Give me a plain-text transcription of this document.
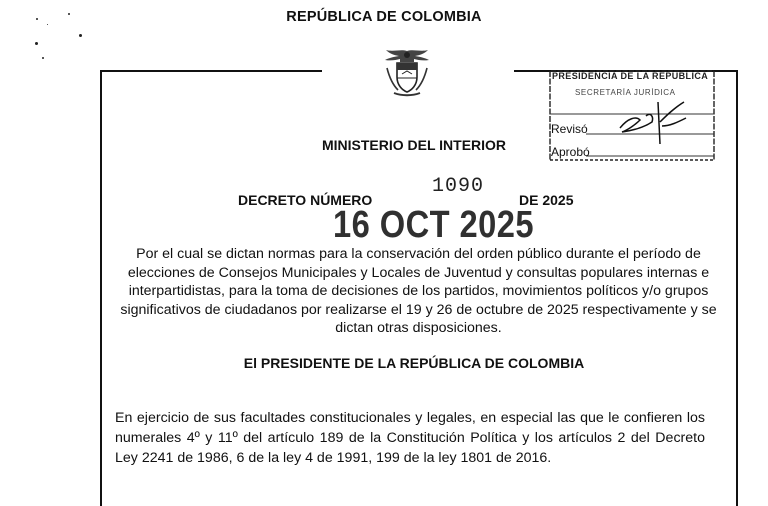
REPÚBLICA DE COLOMBIA
PRESIDENCIA DE LA REPÚBLICA
SECRETARÍA JURÍDICA
Revisó
Aprobó
MINISTERIO DEL INTERIOR
DECRETO NÚMERO
1090
DE 2025
16 OCT 2025
Por el cual se dictan normas para la conservación del orden público durante el período de elecciones de Consejos Municipales y Locales de Juventud y consultas populares internas e interpartidistas, para la toma de decisiones de los partidos, movimientos políticos y/o grupos significativos de ciudadanos por realizarse el 19 y 26 de octubre de 2025 respectivamente y se dictan otras disposiciones.
El PRESIDENTE DE LA REPÚBLICA DE COLOMBIA
En ejercicio de sus facultades constitucionales y legales, en especial las que le confieren los numerales 4º y 11º del artículo 189 de la Constitución Política y los artículos 2 del Decreto Ley 2241 de 1986, 6 de la ley 4 de 1991, 199 de la ley 1801 de 2016.
